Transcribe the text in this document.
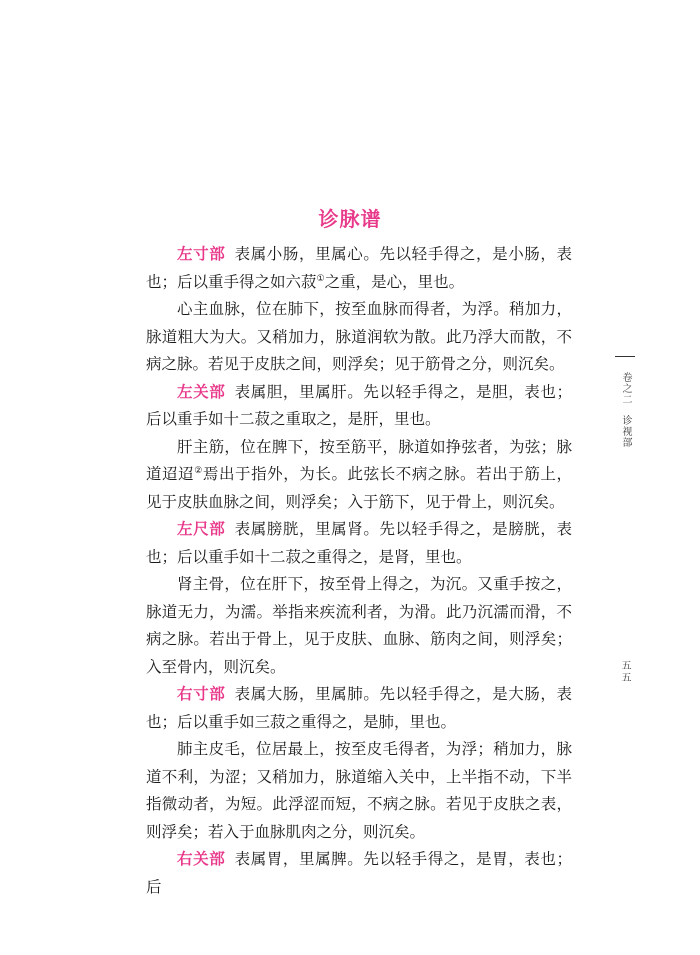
诊脉谱

左寸部 表属小肠，里属心。先以轻手得之，是小肠，表也；后以重手得之如六菽①之重，是心，里也。

心主血脉，位在肺下，按至血脉而得者，为浮。稍加力，脉道粗大为大。又稍加力，脉道润软为散。此乃浮大而散，不病之脉。若见于皮肤之间，则浮矣；见于筋骨之分，则沉矣。

左关部 表属胆，里属肝。先以轻手得之，是胆，表也；后以重手如十二菽之重取之，是肝，里也。

肝主筋，位在脾下，按至筋平，脉道如挣弦者，为弦；脉道迢迢②焉出于指外，为长。此弦长不病之脉。若出于筋上，见于皮肤血脉之间，则浮矣；入于筋下，见于骨上，则沉矣。

左尺部 表属膀胱，里属肾。先以轻手得之，是膀胱，表也；后以重手如十二菽之重得之，是肾，里也。

肾主骨，位在肝下，按至骨上得之，为沉。又重手按之，脉道无力，为濡。举指来疾流利者，为滑。此乃沉濡而滑，不病之脉。若出于骨上，见于皮肤、血脉、筋肉之间，则浮矣；入至骨内，则沉矣。

右寸部 表属大肠，里属肺。先以轻手得之，是大肠，表也；后以重手如三菽之重得之，是肺，里也。

肺主皮毛，位居最上，按至皮毛得者，为浮；稍加力，脉道不利，为涩；又稍加力，脉道缩入关中，上半指不动，下半指微动者，为短。此浮涩而短，不病之脉。若见于皮肤之表，则浮矣；若入于血脉肌肉之分，则沉矣。

右关部 表属胃，里属脾。先以轻手得之，是胃，表也；后

卷之二诊视部
五五
